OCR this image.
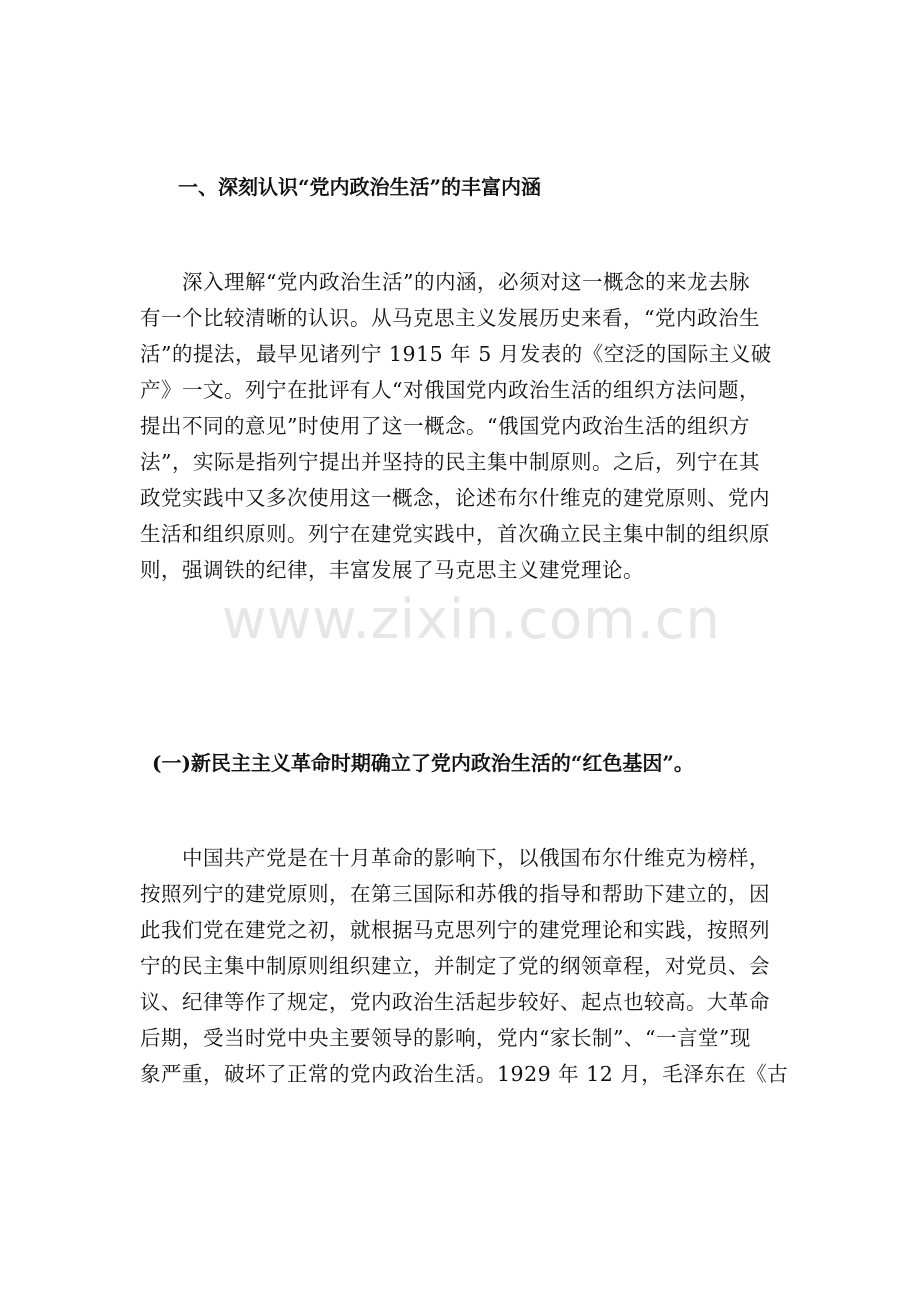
www.zixin.com.cn
一、深刻认识“党内政治生活”的丰富内涵
深入理解“党内政治生活”的内涵，必须对这一概念的来龙去脉
有一个比较清晰的认识。从马克思主义发展历史来看，“党内政治生
活”的提法，最早见诸列宁 1915 年 5 月发表的《空泛的国际主义破
产》一文。列宁在批评有人“对俄国党内政治生活的组织方法问题，
提出不同的意见”时使用了这一概念。“俄国党内政治生活的组织方
法”，实际是指列宁提出并坚持的民主集中制原则。之后，列宁在其
政党实践中又多次使用这一概念，论述布尔什维克的建党原则、党内
生活和组织原则。列宁在建党实践中，首次确立民主集中制的组织原
则，强调铁的纪律，丰富发展了马克思主义建党理论。
(一)新民主主义革命时期确立了党内政治生活的“红色基因”。
中国共产党是在十月革命的影响下，以俄国布尔什维克为榜样，
按照列宁的建党原则，在第三国际和苏俄的指导和帮助下建立的，因
此我们党在建党之初，就根据马克思列宁的建党理论和实践，按照列
宁的民主集中制原则组织建立，并制定了党的纲领章程，对党员、会
议、纪律等作了规定，党内政治生活起步较好、起点也较高。大革命
后期，受当时党中央主要领导的影响，党内“家长制”、“一言堂”现
象严重，破坏了正常的党内政治生活。1929 年 12 月，毛泽东在《古
